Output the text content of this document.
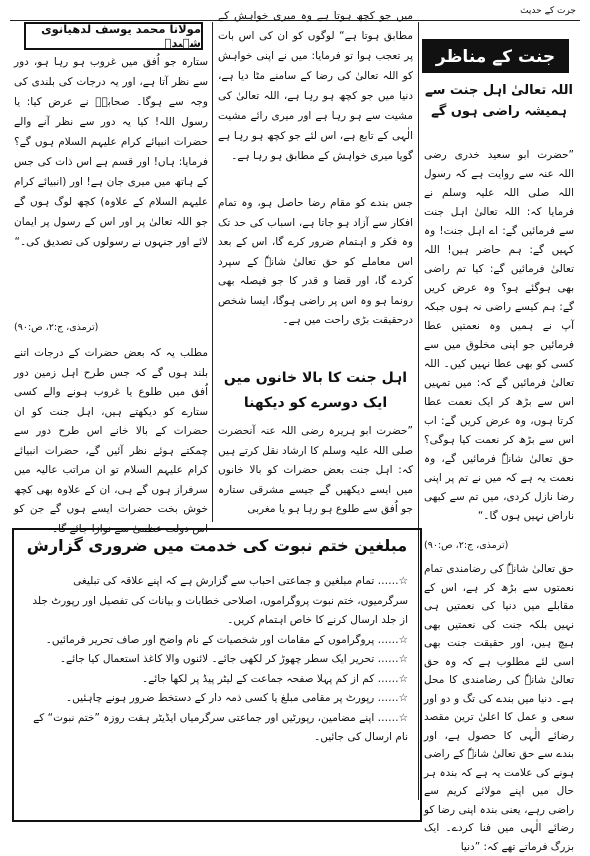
جرت کے حدیث
جنت کے مناظر
اللہ تعالیٰ اہل جنت سے ہمیشہ راضی ہوں گے
”حضرت ابو سعید خدری رضی اللہ عنہ سے روایت ہے کہ رسول اللہ صلی اللہ علیہ وسلم نے فرمایا کہ: اللہ تعالیٰ اہل جنت سے فرمائیں گے: اے اہل جنت! وہ کہیں گے: ہم حاضر ہیں! اللہ تعالیٰ فرمائیں گے: کیا تم راضی بھی ہوگئے ہو؟ وہ عرض کریں گے: ہم کیسے راضی نہ ہوں جبکہ آپ نے ہمیں وہ نعمتیں عطا فرمائیں جو اپنی مخلوق میں سے کسی کو بھی عطا نہیں کیں۔ اللہ تعالیٰ فرمائیں گے کہ: میں تمہیں اس سے بڑھ کر ایک نعمت عطا کرتا ہوں، وہ عرض کریں گے: اب اس سے بڑھ کر نعمت کیا ہوگی؟ حق تعالیٰ شانہٗ فرمائیں گے، وہ نعمت یہ ہے کہ میں نے تم پر اپنی رضا نازل کردی، میں تم سے کبھی ناراض نہیں ہوں گا۔“
(ترمذی، ج:۲، ص:۹۰)
حق تعالیٰ شانہٗ کی رضامندی تمام نعمتوں سے بڑھ کر ہے، اس کے مقابلے میں دنیا کی نعمتیں ہی نہیں بلکہ جنت کی نعمتیں بھی ہیچ ہیں، اور حقیقت جنت بھی اسی لئے مطلوب ہے کہ وہ حق تعالیٰ شانہٗ کی رضامندی کا محل ہے۔ دنیا میں بندے کی تگ و دو اور سعی و عمل کا اعلیٰ ترین مقصد رضائے الٰہی کا حصول ہے، اور بندے سے حق تعالیٰ شانہٗ کے راضی ہونے کی علامت یہ ہے کہ بندہ ہر حال میں اپنے مولائے کریم سے راضی رہے، یعنی بندہ اپنی رضا کو رضائے الٰہی میں فنا کردے۔ ایک بزرگ فرماتے تھے کہ: ”دنیا
میں جو کچھ ہوتا ہے وہ میری خواہش کے مطابق ہوتا ہے“ لوگوں کو ان کی اس بات پر تعجب ہوا تو فرمایا: میں نے اپنی خواہش کو اللہ تعالیٰ کی رضا کے سامنے مٹا دیا ہے، دنیا میں جو کچھ ہو رہا ہے، اللہ تعالیٰ کی مشیت سے ہو رہا ہے اور میری رائے مشیت الٰہی کے تابع ہے، اس لئے جو کچھ ہو رہا ہے گویا میری خواہش کے مطابق ہو رہا ہے۔
جس بندے کو مقام رضا حاصل ہو، وہ تمام افکار سے آزاد ہو جاتا ہے، اسباب کی حد تک وہ فکر و اہتمام ضرور کرے گا، اس کے بعد اس معاملے کو حق تعالیٰ شانہٗ کے سپرد کردے گا، اور قضا و قدر کا جو فیصلہ بھی رونما ہو وہ اس پر راضی ہوگا، ایسا شخص درحقیقت بڑی راحت میں ہے۔
اہل جنت کا بالا خانوں میں ایک دوسرے کو دیکھنا
”حضرت ابو ہریرہ رضی اللہ عنہ آنحضرت صلی اللہ علیہ وسلم کا ارشاد نقل کرتے ہیں کہ: اہل جنت بعض حضرات کو بالا خانوں میں ایسے دیکھیں گے جیسے مشرقی ستارہ جو اُفق سے طلوع ہو رہا ہو یا مغربی
مولانا محمد یوسف لدھیانوی شہیدؒ
ستارہ جو اُفق میں غروب ہو رہا ہو، دور سے نظر آتا ہے، اور یہ درجات کی بلندی کی وجہ سے ہوگا۔ صحابہؓ نے عرض کیا: یا رسول اللہ! کیا یہ دور سے نظر آنے والے حضرات انبیائے کرام علیہم السلام ہوں گے؟ فرمایا: ہاں! اور قسم ہے اس ذات کی جس کے ہاتھ میں میری جان ہے! اور (انبیائے کرام علیہم السلام کے علاوہ) کچھ لوگ ہوں گے جو اللہ تعالیٰ پر اور اس کے رسول پر ایمان لائے اور جنہوں نے رسولوں کی تصدیق کی۔“
(ترمذی، ج:۲، ص:۹۰)
مطلب یہ کہ بعض حضرات کے درجات اتنے بلند ہوں گے کہ جس طرح اہل زمین دور اُفق میں طلوع یا غروب ہونے والے کسی ستارے کو دیکھتے ہیں، اہل جنت کو ان حضرات کے بالا خانے اس طرح دور سے چمکتے ہوئے نظر آئیں گے، حضرات انبیائے کرام علیہم السلام تو ان مراتب عالیہ میں سرفراز ہوں گے ہی، ان کے علاوہ بھی کچھ خوش بخت حضرات ایسے ہوں گے جن کو اس دولت عظمیٰ سے نوازا جائے گا۔
مبلغین ختم نبوت کی خدمت میں ضروری گزارش
☆…… تمام مبلغین و جماعتی احباب سے گزارش ہے کہ اپنے علاقہ کی تبلیغی سرگرمیوں، ختم نبوت پروگراموں، اصلاحی خطابات و بیانات کی تفصیل اور رپورٹ جلد از جلد ارسال کرنے کا خاص اہتمام کریں۔
☆…… پروگراموں کے مقامات اور شخصیات کے نام واضح اور صاف تحریر فرمائیں۔
☆…… تحریر ایک سطر چھوڑ کر لکھی جائے۔ لائنوں والا کاغذ استعمال کیا جائے۔
☆…… کم از کم پہلا صفحہ جماعت کے لیٹر پیڈ پر لکھا جائے۔
☆…… رپورٹ پر مقامی مبلغ یا کسی ذمہ دار کے دستخط ضرور ہونے چاہئیں۔
☆…… اپنے مضامین، رپورٹیں اور جماعتی سرگرمیاں ایڈیٹر ہفت روزہ ”ختم نبوت“ کے نام ارسال کی جائیں۔
